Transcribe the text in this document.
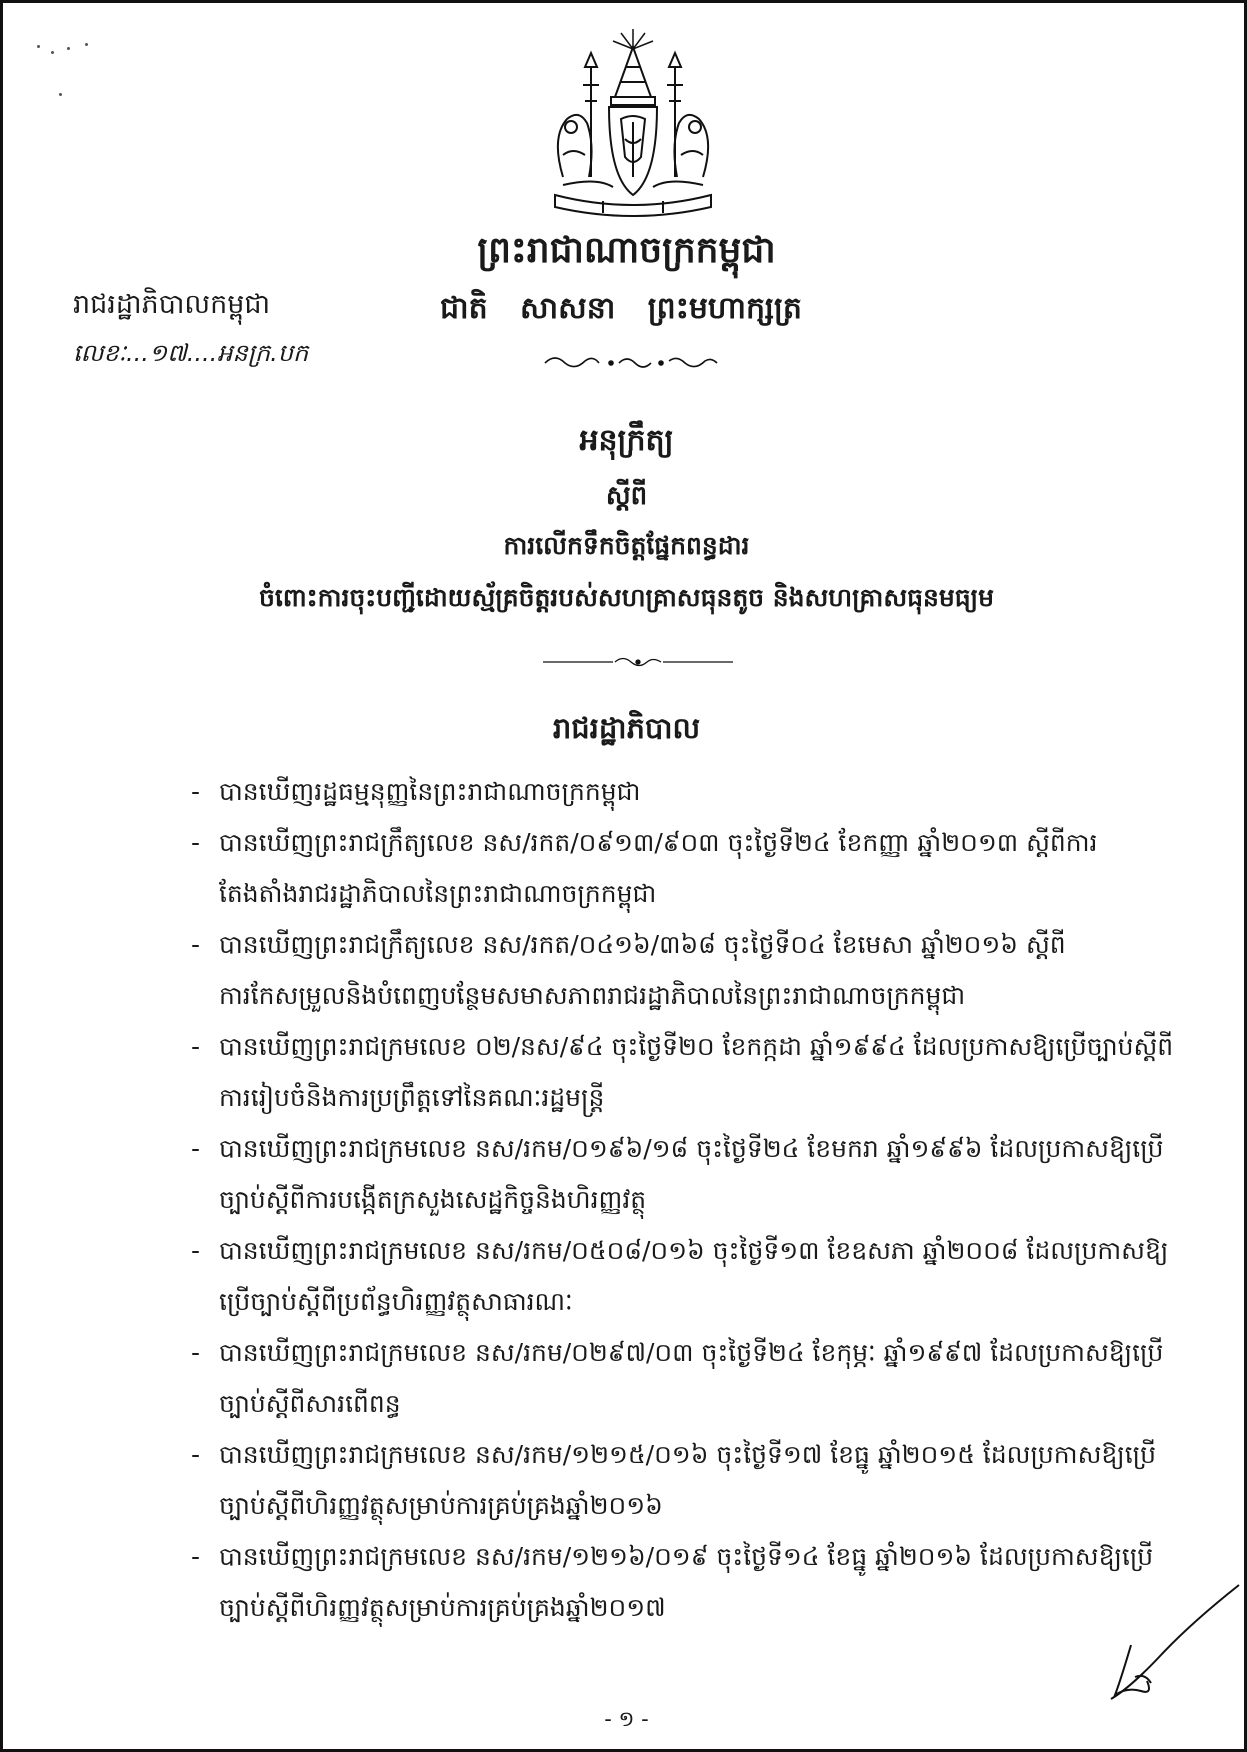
ព្រះរាជាណាចក្រកម្ពុជា
រាជរដ្ឋាភិបាលកម្ពុជា	ជាតិ សាសនា ព្រះមហាក្សត្រ
លេខៈ...១៧....អនក្រ.បក
អនុក្រឹត្យ
ស្តីពី
ការលើកទឹកចិត្តផ្នែកពន្ធដារ
ចំពោះការចុះបញ្ជីដោយស្ម័គ្រចិត្តរបស់សហគ្រាសធុនតូច និងសហគ្រាសធុនមធ្យម
រាជរដ្ឋាភិបាល
- បានឃើញរដ្ឋធម្មនុញ្ញនៃព្រះរាជាណាចក្រកម្ពុជា
- បានឃើញព្រះរាជក្រឹត្យលេខ នស/រកត/០៩១៣/៩០៣ ចុះថ្ងៃទី២៤ ខែកញ្ញា ឆ្នាំ២០១៣ ស្តីពីការតែងតាំងរាជរដ្ឋាភិបាលនៃព្រះរាជាណាចក្រកម្ពុជា
- បានឃើញព្រះរាជក្រឹត្យលេខ នស/រកត/០៤១៦/៣៦៨ ចុះថ្ងៃទី០៤ ខែមេសា ឆ្នាំ២០១៦ ស្តីពីការកែសម្រួលនិងបំពេញបន្ថែមសមាសភាពរាជរដ្ឋាភិបាលនៃព្រះរាជាណាចក្រកម្ពុជា
- បានឃើញព្រះរាជក្រមលេខ ០២/នស/៩៤ ចុះថ្ងៃទី២០ ខែកក្កដា ឆ្នាំ១៩៩៤ ដែលប្រកាសឱ្យប្រើច្បាប់ស្តីពីការរៀបចំនិងការប្រព្រឹត្តទៅនៃគណៈរដ្ឋមន្ត្រី
- បានឃើញព្រះរាជក្រមលេខ នស/រកម/០១៩៦/១៨ ចុះថ្ងៃទី២៤ ខែមករា ឆ្នាំ១៩៩៦ ដែលប្រកាសឱ្យប្រើច្បាប់ស្តីពីការបង្កើតក្រសួងសេដ្ឋកិច្ចនិងហិរញ្ញវត្ថុ
- បានឃើញព្រះរាជក្រមលេខ នស/រកម/០៥០៨/០១៦ ចុះថ្ងៃទី១៣ ខែឧសភា ឆ្នាំ២០០៨ ដែលប្រកាសឱ្យប្រើច្បាប់ស្តីពីប្រព័ន្ធហិរញ្ញវត្ថុសាធារណៈ
- បានឃើញព្រះរាជក្រមលេខ នស/រកម/០២៩៧/០៣ ចុះថ្ងៃទី២៤ ខែកុម្ភៈ ឆ្នាំ១៩៩៧ ដែលប្រកាសឱ្យប្រើច្បាប់ស្តីពីសារពើពន្ធ
- បានឃើញព្រះរាជក្រមលេខ នស/រកម/១២១៥/០១៦ ចុះថ្ងៃទី១៧ ខែធ្នូ ឆ្នាំ២០១៥ ដែលប្រកាសឱ្យប្រើច្បាប់ស្តីពីហិរញ្ញវត្ថុសម្រាប់ការគ្រប់គ្រងឆ្នាំ២០១៦
- បានឃើញព្រះរាជក្រមលេខ នស/រកម/១២១៦/០១៩ ចុះថ្ងៃទី១៤ ខែធ្នូ ឆ្នាំ២០១៦ ដែលប្រកាសឱ្យប្រើច្បាប់ស្តីពីហិរញ្ញវត្ថុសម្រាប់ការគ្រប់គ្រងឆ្នាំ២០១៧
- ១ -
